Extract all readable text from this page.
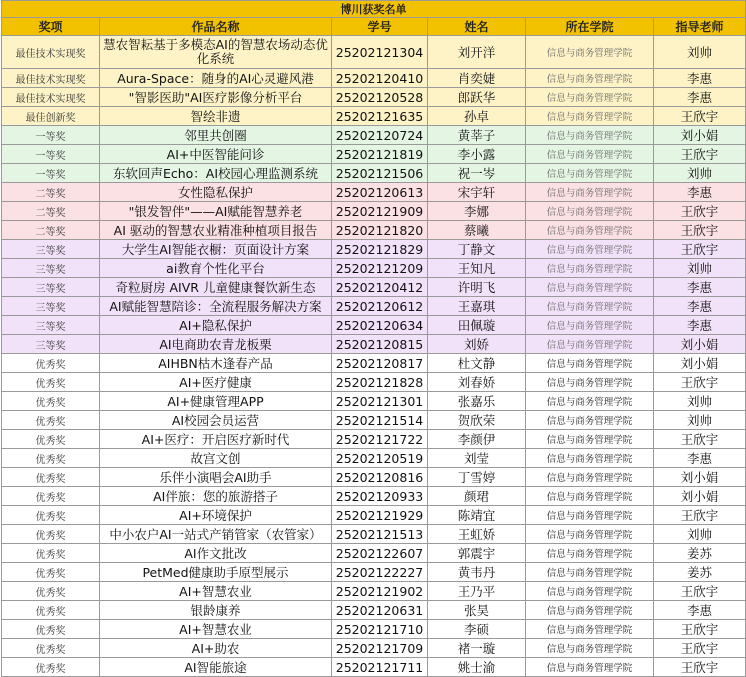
博川获奖名单					
奖项	作品名称	学号	姓名	所在学院	指导老师
最佳技术实现奖	慧农智耘基于多模态AI的智慧农场动态优化系统	25202121304	刘开洋	信息与商务管理学院	刘帅
最佳技术实现奖	Aura-Space：随身的AI心灵避风港	25202120410	肖奕婕	信息与商务管理学院	李惠
最佳技术实现奖	"智影医助"AI医疗影像分析平台	25202120528	郎跃华	信息与商务管理学院	李惠
最佳创新奖	智绘非遗	25202121635	孙卓	信息与商务管理学院	王欣宇
一等奖	邻里共创圈	25202120724	黄莘子	信息与商务管理学院	刘小娟
一等奖	AI+中医智能问诊	25202121819	李小露	信息与商务管理学院	王欣宇
一等奖	东软回声Echo：AI校园心理监测系统	25202121506	祝一岑	信息与商务管理学院	刘帅
二等奖	女性隐私保护	25202120613	宋宇轩	信息与商务管理学院	李惠
二等奖	"银发智伴"——AI赋能智慧养老	25202121909	李娜	信息与商务管理学院	王欣宇
二等奖	AI 驱动的智慧农业精准种植项目报告	25202121820	蔡曦	信息与商务管理学院	王欣宇
三等奖	大学生AI智能衣橱：页面设计方案	25202121829	丁静文	信息与商务管理学院	王欣宇
三等奖	ai教育个性化平台	25202121209	王知凡	信息与商务管理学院	刘帅
三等奖	奇粒厨房 AIVR 儿童健康餐饮新生态	25202120412	许明飞	信息与商务管理学院	李惠
三等奖	AI赋能智慧陪诊：全流程服务解决方案	25202120612	王嘉琪	信息与商务管理学院	李惠
三等奖	AI+隐私保护	25202120634	田佩璇	信息与商务管理学院	李惠
三等奖	AI电商助农青龙板栗	25202120815	刘娇	信息与商务管理学院	刘小娟
优秀奖	AIHBN枯木逢春产品	25202120817	杜文静	信息与商务管理学院	刘小娟
优秀奖	AI+医疗健康	25202121828	刘春娇	信息与商务管理学院	王欣宇
优秀奖	AI+健康管理APP	25202121301	张嘉乐	信息与商务管理学院	刘帅
优秀奖	AI校园会员运营	25202121514	贺欣荣	信息与商务管理学院	刘帅
优秀奖	AI+医疗：开启医疗新时代	25202121722	李颜伊	信息与商务管理学院	王欣宇
优秀奖	故宫文创	25202120519	刘莹	信息与商务管理学院	李惠
优秀奖	乐伴小演唱会AI助手	25202120816	丁雪婷	信息与商务管理学院	刘小娟
优秀奖	AI伴旅：您的旅游搭子	25202120933	颜珺	信息与商务管理学院	刘小娟
优秀奖	AI+环境保护	25202121929	陈靖宜	信息与商务管理学院	王欣宇
优秀奖	中小农户AI一站式产销管家（农管家）	25202121513	王虹娇	信息与商务管理学院	刘帅
优秀奖	AI作文批改	25202122607	郭震宇	信息与商务管理学院	姜苏
优秀奖	PetMed健康助手原型展示	25202122227	黄韦丹	信息与商务管理学院	姜苏
优秀奖	AI+智慧农业	25202121902	王乃平	信息与商务管理学院	王欣宇
优秀奖	银龄康养	25202120631	张昊	信息与商务管理学院	李惠
优秀奖	AI+智慧农业	25202121710	李硕	信息与商务管理学院	王欣宇
优秀奖	AI+助农	25202121709	褚一璇	信息与商务管理学院	王欣宇
优秀奖	AI智能旅途	25202121711	姚士渝	信息与商务管理学院	王欣宇
